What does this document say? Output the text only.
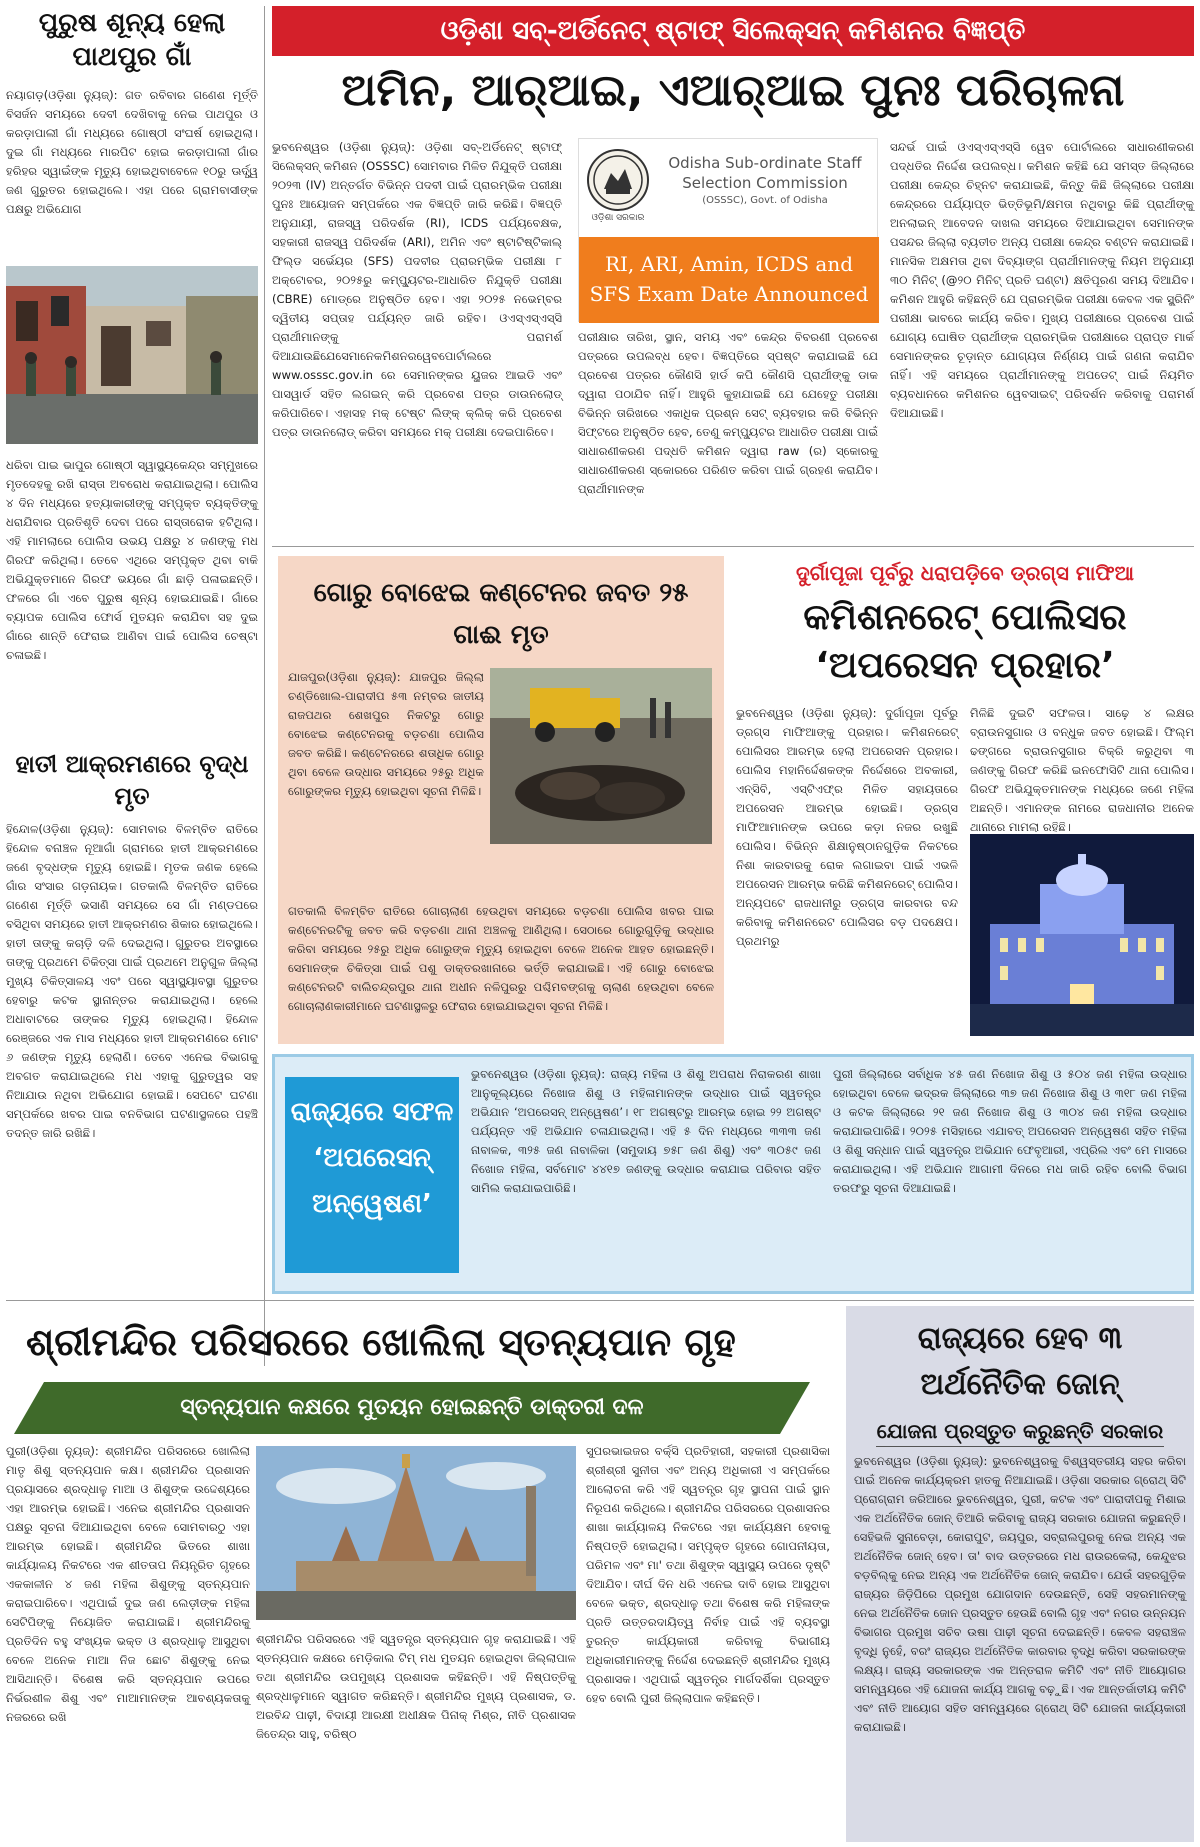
ପୁରୁଷ ଶୂନ୍ୟ ହେଲା ପାଥପୁର ଗାଁ

ନୟାଗଡ଼(ଓଡ଼ିଶା ନ୍ୟୁଜ୍): ଗତ ରବିବାର ଗଣେଶ ମୂର୍ତ୍ତି ବିସର୍ଜନ ସମୟରେ ଦେବୀ ଦେଖିବାକୁ ନେଇ ପାଥପୁର ଓ କରଡ଼ାପାଲୀ ଗାଁ ମଧ୍ୟରେ ଗୋଷ୍ଠୀ ସଂଘର୍ଷ ହୋଇଥିଲା। ଦୁଇ ଗାଁ ମଧ୍ୟରେ ମାରପିଟ ହୋଇ କରଡ଼ାପାଲୀ ଗାଁର ହରିହର ସ୍ୱାଇଁଙ୍କ ମୃତ୍ୟୁ ହୋଇଥିବାବେଳେ ୧୦ରୁ ଊର୍ଦ୍ଧ୍ୱ ଜଣ ଗୁରୁତର ହୋଇଥିଲେ। ଏହା ପରେ ଗ୍ରାମବାସୀଙ୍କ ପକ୍ଷରୁ ଅଭିଯୋଗ

ଧରିବା ପାଇ ଭାପୁର ଗୋଷ୍ଠୀ ସ୍ୱାସ୍ଥ୍ୟକେନ୍ଦ୍ର ସମ୍ମୁଖରେ ମୃତଦେହକୁ ରଖି ରାସ୍ତା ଅବରୋଧ କରାଯାଇଥିଲା। ପୋଲିସ ୪ ଦିନ ମଧ୍ୟରେ ହତ୍ୟାକାରୀଙ୍କୁ ସମ୍ପୃକ୍ତ ବ୍ୟକ୍ତିଙ୍କୁ ଧରାଯିବାର ପ୍ରତିଶୃତି ଦେବା ପରେ ରାସ୍ତାରୋକ ହଟିଥିଲା। ଏହି ମାମଲାରେ ପୋଲିସ ଉଭୟ ପକ୍ଷରୁ ୪ ଜଣଙ୍କୁ ମଧ ଗିରଫ କରିଥିଲା। ତେବେ ଏଥିରେ ସମ୍ପୃକ୍ତ ଥିବା ବାକି ଅଭିଯୁକ୍ତମାନେ ଗିରଫ ଭୟରେ ଗାଁ ଛାଡ଼ି ପଳାଇଛନ୍ତି। ଫଳରେ ଗାଁ ଏବେ ପୁରୁଷ ଶୂନ୍ୟ ହୋଇଯାଇଛି। ଗାଁରେ ବ୍ୟାପକ ପୋଲିସ ଫୋର୍ସ ମୁତୟନ କରାଯିବା ସହ ଦୁଇ ଗାଁରେ ଶାନ୍ତି ଫେରାଇ ଆଣିବା ପାଇଁ ପୋଲିସ ଚେଷ୍ଟା ଚଳାଇଛି।

ହାତୀ ଆକ୍ରମଣରେ ବୃଦ୍ଧ ମୃତ

ହିନ୍ଦୋଳ(ଓଡ଼ିଶା ନ୍ୟୁଜ୍): ସୋମବାର ବିଳମ୍ବିତ ରାତିରେ ହିନ୍ଦୋଳ ବନାଞ୍ଚଳ ନୂଆଗାଁ ଗ୍ରାମରେ ହାତୀ ଆକ୍ରମଣରେ ଜଣେ ବୃଦ୍ଧଙ୍କ ମୃତ୍ୟୁ ହୋଇଛି। ମୃତକ ଜଣକ ହେଲେ ଗାଁର ସଂସାର ଗଡ଼ନାୟକ। ଗତକାଲି ବିଳମ୍ବିତ ରାତିରେ ଗଣେଶ ମୂର୍ତ୍ତି ଭସାଣି ସମୟରେ ସେ ଗାଁ ମଣ୍ଡପରେ ବସିଥିବା ସମୟରେ ହାତୀ ଆକ୍ରମଣର ଶିକାର ହୋଇଥିଲେ। ହାତୀ ତାଙ୍କୁ କଚାଡ଼ି ଦଳି ଦେଇଥିଲା। ଗୁରୁତର ଅବସ୍ଥାରେ ତାଙ୍କୁ ପ୍ରଥମେ ଚିକିତ୍ସା ପାଇଁ ପ୍ରଥମେ ଅନୁଗୁଳ ଜିଲ୍ଲା ମୁଖ୍ୟ ଚିକିତ୍ସାଳୟ ଏବଂ ପରେ ସ୍ୱାସ୍ଥ୍ୟାବସ୍ଥା ଗୁରୁତର ହେବାରୁ କଟକ ସ୍ଥାନାନ୍ତର କରାଯାଇଥିଲା। ହେଲେ ଅଧାବାଟରେ ତାଙ୍କର ମୃତ୍ୟୁ ହୋଇଥିଲା। ହିନ୍ଦୋଳ ରେଞ୍ଜରେ ଏକ ମାସ ମଧ୍ୟରେ ହାତୀ ଆକ୍ରମଣରେ ମୋଟ ୬ ଜଣଙ୍କ ମୃତ୍ୟୁ ହେଲାଣି। ତେବେ ଏନେଇ ବିଭାଗକୁ ଅବଗତ କରାଯାଇଥିଲେ ମଧ ଏହାକୁ ଗୁରୁତ୍ୱର ସହ ନିଆଯାଉ ନଥିବା ଅଭିଯୋଗ ହୋଇଛି। ସେପଟେ ଘଟଣା ସମ୍ପର୍କରେ ଖବର ପାଇ ବନବିଭାଗ ଘଟଣାସ୍ଥଳରେ ପହଞ୍ଚି ତଦନ୍ତ ଜାରି ରଖିଛି।

ଓଡ଼ିଶା ସବ୍-ଅର୍ଡିନେଟ୍ ଷ୍ଟାଫ୍ ସିଲେକ୍ସନ୍ କମିଶନର ବିଜ୍ଞପ୍ତି
ଅମିନ, ଆର୍‌ଆଇ, ଏଆର୍‌ଆଇ ପୁନଃ ପରିଚାଳନା

ଭୁବନେଶ୍ୱର (ଓଡ଼ିଶା ନ୍ୟୁଜ୍): ଓଡ଼ିଶା ସବ୍-ଅର୍ଡିନେଟ୍ ଷ୍ଟାଫ୍ ସିଲେକ୍ସନ୍ କମିଶନ (OSSSC) ସୋମବାର ମିଳିତ ନିଯୁକ୍ତି ପରୀକ୍ଷା ୨୦୨୩ (IV) ଅନ୍ତର୍ଗତ ବିଭିନ୍ନ ପଦବୀ ପାଇଁ ପ୍ରାରମ୍ଭିକ ପରୀକ୍ଷା ପୁନଃ ଆୟୋଜନ ସମ୍ପର୍କରେ ଏକ ବିଜ୍ଞପ୍ତି ଜାରି କରିଛି। ବିଜ୍ଞପ୍ତି ଅନୁଯାୟୀ, ରାଜସ୍ୱ ପରିଦର୍ଶକ (RI), ICDS ପର୍ଯ୍ୟବେକ୍ଷକ, ସହକାରୀ ରାଜସ୍ୱ ପରିଦର୍ଶକ (ARI), ଅମିନ ଏବଂ ଷ୍ଟାଟିଷ୍ଟିକାଲ୍ ଫିଲ୍ଡ ସର୍ଭେୟର (SFS) ପଦବୀର ପ୍ରାରମ୍ଭିକ ପରୀକ୍ଷା ୮ ଅକ୍ଟୋବର, ୨୦୨୫ରୁ କମ୍ପ୍ୟୁଟର-ଆଧାରିତ ନିଯୁକ୍ତି ପରୀକ୍ଷା (CBRE) ମୋଡ୍‌ରେ ଅନୁଷ୍ଠିତ ହେବ। ଏହା ୨୦୨୫ ନଭେମ୍ବର ଦ୍ୱିତୀୟ ସପ୍ତାହ ପର୍ଯ୍ୟନ୍ତ ଜାରି ରହିବ। ଓଏସ୍‌ଏସ୍‌ଏସ୍‌ସି ପ୍ରାର୍ଥୀମାନଙ୍କୁ ପରାମର୍ଶ ଦିଆଯାଉଛିଯେସେମାନେକମିଶନରୱେବପୋର୍ଟାଲରେ www.osssc.gov.in ରେ ସେମାନଙ୍କର ୟୁଜର ଆଇଡି ଏବଂ ପାସୱାର୍ଡ ସହିତ ଲଗଇନ୍ କରି ପ୍ରବେଶ ପତ୍ର ଡାଉନଲୋଡ୍ କରିପାରିବେ। ଏହାସହ ମକ୍ ଟେଷ୍ଟ ଲିଙ୍କ୍ କ୍ଲିକ୍ କରି ପ୍ରବେଶ ପତ୍ର ଡାଉନଲୋଡ୍ କରିବା ସମୟରେ ମକ୍ ପରୀକ୍ଷା ଦେଇପାରିବେ।

ଓଡ଼ିଶା ସରକାର
Odisha Sub-ordinate Staff
Selection Commission
(OSSSC), Govt. of Odisha
RI, ARI, Amin, ICDS and
SFS Exam Date Announced

ପରୀକ୍ଷାର ତାରିଖ, ସ୍ଥାନ, ସମୟ ଏବଂ କେନ୍ଦ୍ର ବିବରଣୀ ପ୍ରବେଶ ପତ୍ରରେ ଉପଲବ୍ଧ ହେବ। ବିଜ୍ଞପ୍ତିରେ ସ୍ପଷ୍ଟ କରାଯାଇଛି ଯେ ପ୍ରବେଶ ପତ୍ରର କୌଣସି ହାର୍ଡ କପି କୌଣସି ପ୍ରାର୍ଥୀଙ୍କୁ ଡାକ ଦ୍ୱାରା ପଠାଯିବ ନାହିଁ। ଆହୁରି କୁହାଯାଇଛି ଯେ ଯେହେତୁ ପରୀକ୍ଷା ବିଭିନ୍ନ ତାରିଖରେ ଏକାଧିକ ପ୍ରଶ୍ନ ସେଟ୍ ବ୍ୟବହାର କରି ବିଭିନ୍ନ ସିଫ୍ଟରେ ଅନୁଷ୍ଠିତ ହେବ, ତେଣୁ କମ୍ପ୍ୟୁଟର ଆଧାରିତ ପରୀକ୍ଷା ପାଇଁ ସାଧାରଣୀକରଣ ପଦ୍ଧତି କମିଶନ ଦ୍ୱାରା raw (ର) ସ୍କୋରକୁ ସାଧାରଣୀକରଣ ସ୍କୋରରେ ପରିଣତ କରିବା ପାଇଁ ଗ୍ରହଣ କରାଯିବ। ପ୍ରାର୍ଥୀମାନଙ୍କ

ସନ୍ଦର୍ଭ ପାଇଁ ଓଏସ୍‌ଏସ୍‌ଏସ୍‌ସି ୱେବ ପୋର୍ଟାଲରେ ସାଧାରଣୀକରଣ ପଦ୍ଧତିର ନିର୍ଦ୍ଦେଶ ଉପଲବ୍ଧ। କମିଶନ କହିଛି ଯେ ସମସ୍ତ ଜିଲ୍ଲାରେ ପରୀକ୍ଷା କେନ୍ଦ୍ର ଚିହ୍ନଟ କରାଯାଇଛି, କିନ୍ତୁ କିଛି ଜିଲ୍ଲାରେ ପରୀକ୍ଷା କେନ୍ଦ୍ରରେ ପର୍ଯ୍ୟାପ୍ତ ଭିତ୍ତିଭୂମି/କ୍ଷମତା ନଥିବାରୁ କିଛି ପ୍ରାର୍ଥୀଙ୍କୁ ଅନଲାଇନ୍ ଆବେଦନ ଦାଖଲ ସମୟରେ ଦିଆଯାଇଥିବା ସେମାନଙ୍କ ପସନ୍ଦର ଜିଲ୍ଲା ବ୍ୟତୀତ ଅନ୍ୟ ପରୀକ୍ଷା କେନ୍ଦ୍ର ବଣ୍ଟନ କରାଯାଇଛି। ମାନସିକ ଅକ୍ଷମତା ଥିବା ଦିବ୍ୟାଙ୍ଗ ପ୍ରାର୍ଥୀମାନଙ୍କୁ ନିୟମ ଅନୁଯାୟୀ ୩୦ ମିନିଟ୍ (@୨୦ ମିନିଟ୍ ପ୍ରତି ଘଣ୍ଟା) କ୍ଷତିପୂରଣ ସମୟ ଦିଆଯିବ। କମିଶନ ଆହୁରି କହିଛନ୍ତି ଯେ ପ୍ରାରମ୍ଭିକ ପରୀକ୍ଷା କେବଳ ଏକ ସ୍କ୍ରିନିଂ ପରୀକ୍ଷା ଭାବରେ କାର୍ଯ୍ୟ କରିବ। ମୁଖ୍ୟ ପରୀକ୍ଷାରେ ପ୍ରବେଶ ପାଇଁ ଯୋଗ୍ୟ ଘୋଷିତ ପ୍ରାର୍ଥୀଙ୍କ ପ୍ରାରମ୍ଭିକ ପରୀକ୍ଷାରେ ପ୍ରାପ୍ତ ମାର୍କ ସେମାନଙ୍କର ଚୂଡ଼ାନ୍ତ ଯୋଗ୍ୟତା ନିର୍ଣ୍ଣୟ ପାଇଁ ଗଣନା କରାଯିବ ନାହିଁ। ଏହି ସମୟରେ ପ୍ରାର୍ଥୀମାନଙ୍କୁ ଅପଡେଟ୍ ପାଇଁ ନିୟମିତ ବ୍ୟବଧାନରେ କମିଶନର ୱେବସାଇଟ୍ ପରିଦର୍ଶନ କରିବାକୁ ପରାମର୍ଶ ଦିଆଯାଇଛି।

ଗୋରୁ ବୋଝେଇ କଣ୍ଟେନର ଜବତ ୨୫ ଗାଈ ମୃତ

ଯାଜପୁର(ଓଡ଼ିଶା ନ୍ୟୁଜ୍): ଯାଜପୁର ଜିଲ୍ଲା ଚଣ୍ଡିଖୋଲ-ପାରାଦୀପ ୫୩ ନମ୍ବର ଜାତୀୟ ରାଜପଥର ଶେଖପୁର ନିକଟରୁ ଗୋରୁ ବୋଝେଇ କଣ୍ଟେନରକୁ ବଡ଼ଚଣା ପୋଲିସ ଜବତ କରିଛି। କଣ୍ଟେନରରେ ଶତାଧିକ ଗୋରୁ ଥିବା ବେଳେ ଉଦ୍ଧାର ସମୟରେ ୨୫ରୁ ଅଧିକ ଗୋରୁଙ୍କର ମୃତ୍ୟୁ ହୋଇଥିବା ସୂଚନା ମିଳିଛି।

ଗତକାଲି ବିଳମ୍ବିତ ରାତିରେ ଗୋଚାଲାଣ ହେଉଥିବା ସମୟରେ ବଡ଼ଚଣା ପୋଲିସ ଖବର ପାଇ କଣ୍ଟେନରଟିକୁ ଜବତ କରି ବଡ଼ଚଣା ଥାନା ଅଞ୍ଚଳକୁ ଆଣିଥିଲା। ସେଠାରେ ଗୋରୁଗୁଡ଼ିକୁ ଉଦ୍ଧାର କରିବା ସମୟରେ ୨୫ରୁ ଅଧିକ ଗୋରୁଙ୍କ ମୃତ୍ୟୁ ହୋଇଥିବା ବେଳେ ଅନେକ ଆହତ ହୋଇଛନ୍ତି। ସେମାନଙ୍କ ଚିକିତ୍ସା ପାଇଁ ପଶୁ ଡାକ୍ତରଖାନାରେ ଭର୍ତ୍ତି କରାଯାଇଛି। ଏହି ଗୋରୁ ବୋଝେଇ କଣ୍ଟେନରଟି ବାଲିଚନ୍ଦ୍ରପୁର ଥାନା ଅଧୀନ ନଳିପୁରରୁ ପଶ୍ଚିମବଙ୍ଗକୁ ଚାଲାଣ ହେଉଥିବା ବେଳେ ଗୋଚାଲାଣକାରୀମାନେ ଘଟଣାସ୍ଥଳରୁ ଫେରାର ହୋଇଯାଇଥିବା ସୂଚନା ମିଳିଛି।

ଦୁର୍ଗାପୂଜା ପୂର୍ବରୁ ଧରାପଡ଼ିବେ ଡ୍ରଗ୍ସ ମାଫିଆ
କମିଶନରେଟ୍ ପୋଲିସର ‘ଅପରେସନ ପ୍ରହାର’

ଭୁବନେଶ୍ୱର (ଓଡ଼ିଶା ନ୍ୟୁଜ୍): ଦୁର୍ଗାପୂଜା ପୂର୍ବରୁ ଡ୍ରଗ୍ସ ମାଫିଆଙ୍କୁ ପ୍ରହାର। କମିଶନରେଟ୍ ପୋଲିସର ଆରମ୍ଭ ହେଲା ଅପରେସନ ପ୍ରହାର। ପୋଲିସ ମହାନିର୍ଦ୍ଦେଶକଙ୍କ ନିର୍ଦ୍ଦେଶରେ ଅବକାରୀ, ଏନ୍‌ସିବି, ଏସ୍‌ଟିଏଫ୍‌ର ମିଳିତ ସହାୟତାରେ ଅପରେସନ ଆରମ୍ଭ ହୋଇଛି। ଡ୍ରଗ୍ସ ମାଫିଆମାନଙ୍କ ଉପରେ କଡ଼ା ନଜର ରଖୁଛି ପୋଲିସ। ବିଭିନ୍ନ ଶିକ୍ଷାନୁଷ୍ଠାନଗୁଡ଼ିକ ନିକଟରେ ନିଶା କାରବାରକୁ ରୋକ ଲଗାଇବା ପାଇଁ ଏଭଳି ଅପରେସନ ଆରମ୍ଭ କରିଛି କମିଶନରେଟ୍ ପୋଲିସ। ଅନ୍ୟପଟେ ରାଜଧାନୀରୁ ଡ୍ରଗ୍ସ କାରବାର ବନ୍ଦ କରିବାକୁ କମିଶନରେଟ ପୋଲିସର ବଡ଼ ପଦକ୍ଷେପ। ପ୍ରଥମରୁ

ମିଳିଛି ଦୁଇଟି ସଫଳତା। ସାଢ଼େ ୪ ଲକ୍ଷର ବ୍ରାଉନସୁଗାର ଓ ବନ୍ଧୁକ ଜବତ ହୋଇଛି। ଫିଲ୍ମ ଢଙ୍ଗରେ ବ୍ରାଉନସୁଗାର ବିକ୍ରି କରୁଥିବା ୩ ଜଣଙ୍କୁ ଗିରଫ କରିଛି ଇନଫୋସିଟି ଥାନା ପୋଲିସ। ଗିରଫ ଅଭିଯୁକ୍ତମାନଙ୍କ ମଧ୍ୟରେ ଜଣେ ମହିଳା ଅଛନ୍ତି। ଏମାନଙ୍କ ନାମରେ ରାଜଧାନୀର ଅନେକ ଥାନାରେ ମାମଲା ରହିଛି।

ରାଜ୍ୟରେ ସଫଳ ‘ଅପରେସନ୍ ଅନ୍ୱେଷଣ’

ଭୁବନେଶ୍ୱର (ଓଡ଼ିଶା ନ୍ୟୁଜ୍): ରାଜ୍ୟ ମହିଳା ଓ ଶିଶୁ ଅପରାଧ ନିରାକରଣ ଶାଖା ଆନୁକୂଲ୍ୟରେ ନିଖୋଜ ଶିଶୁ ଓ ମହିଳାମାନଙ୍କ ଉଦ୍ଧାର ପାଇଁ ସ୍ୱତନ୍ତ୍ର ଅଭିଯାନ ‘ଅପରେସନ୍ ଅନ୍ୱେଷଣ’। ୧୮ ଅଗଷ୍ଟରୁ ଆରମ୍ଭ ହୋଇ ୨୨ ଅଗଷ୍ଟ ପର୍ଯ୍ୟନ୍ତ ଏହି ଅଭିଯାନ ଚଳାଯାଇଥିଲା। ଏହି ୫ ଦିନ ମଧ୍ୟରେ ୩୩୩ ଜଣ ନାବାଳକ, ୩୨୫ ଜଣ ନାବାଳିକା (ସମୁଦାୟ ୭୫୮ ଜଣ ଶିଶୁ) ଏବଂ ୩୦୫୯ ଜଣ ନିଖୋଜ ମହିଳା, ସର୍ବମୋଟ ୪୪୧୭ ଜଣଙ୍କୁ ଉଦ୍ଧାର କରାଯାଇ ପରିବାର ସହିତ ସାମିଲ କରାଯାଇପାରିଛି।

ପୁରୀ ଜିଲ୍ଲାରେ ସର୍ବାଧିକ ୪୫ ଜଣ ନିଖୋଜ ଶିଶୁ ଓ ୫୦୪ ଜଣ ମହିଳା ଉଦ୍ଧାର ହୋଇଥିବା ବେଳେ ଭଦ୍ରକ ଜିଲ୍ଲାରେ ୩୭ ଜଣ ନିଖୋଜ ଶିଶୁ ଓ ୩୧୮ ଜଣ ମହିଳା ଓ କଟକ ଜିଲ୍ଲାରେ ୨୧ ଜଣ ନିଖୋଜ ଶିଶୁ ଓ ୩୦୪ ଜଣ ମହିଳା ଉଦ୍ଧାର କରାଯାଇପାରିଛି। ୨୦୨୫ ମସିହାରେ ଏଯାବତ୍ ଅପରେସନ ଅନ୍ୱେଷଣ ସହିତ ମହିଳା ଓ ଶିଶୁ ସନ୍ଧାନ ପାଇଁ ସ୍ୱତନ୍ତ୍ର ଅଭିଯାନ ଫେବୃଆରୀ, ଏପ୍ରିଲ ଏବଂ ମେ ମାସରେ କରାଯାଇଥିଲା। ଏହି ଅଭିଯାନ ଆଗାମୀ ଦିନରେ ମଧ ଜାରି ରହିବ ବୋଲି ବିଭାଗ ତରଫରୁ ସୂଚନା ଦିଆଯାଇଛି।

ଶ୍ରୀମନ୍ଦିର ପରିସରରେ ଖୋଲିଲା ସ୍ତନ୍ୟପାନ ଗୃହ
ସ୍ତନ୍ୟପାନ କକ୍ଷରେ ମୁତୟନ ହୋଇଛନ୍ତି ଡାକ୍ତରୀ ଦଳ

ପୁରୀ(ଓଡ଼ିଶା ନ୍ୟୁଜ୍): ଶ୍ରୀମନ୍ଦିର ପରିସରରେ ଖୋଲିଲା ମାତୃ ଶିଶୁ ସ୍ତନ୍ୟପାନ କକ୍ଷ। ଶ୍ରୀମନ୍ଦିର ପ୍ରଶାସନ ପ୍ରୟାସରେ ଶ୍ରଦ୍ଧାଳୁ ମାଆ ଓ ଶିଶୁଙ୍କ ଉଦ୍ଦେଶ୍ୟରେ ଏହା ଆରମ୍ଭ ହୋଇଛି। ଏନେଇ ଶ୍ରୀମନ୍ଦିର ପ୍ରଶାସନ ପକ୍ଷରୁ ସୂଚନା ଦିଆଯାଇଥିବା ବେଳେ ସୋମବାରଠୁ ଏହା ଆରମ୍ଭ ହୋଇଛି। ଶ୍ରୀମନ୍ଦିର ଭିତରେ ଶାଖା କାର୍ଯ୍ୟାଳୟ ନିକଟରେ ଏକ ଶୀତତାପ ନିୟନ୍ତ୍ରିତ ଗୃହରେ ଏକକାଳୀନ ୪ ଜଣ ମହିଳା ଶିଶୁଙ୍କୁ ସ୍ତନ୍ୟପାନ କରାଇପାରିବେ। ଏଥିପାଇଁ ଦୁଇ ଜଣ ଲେଡ଼ୀଙ୍କ ମହିଳା ସେଟିପିଙ୍କୁ ନିୟୋଜିତ କରାଯାଇଛି। ଶ୍ରୀମନ୍ଦିରକୁ ପ୍ରତିଦିନ ବହୁ ସଂଖ୍ୟକ ଭକ୍ତ ଓ ଶ୍ରଦ୍ଧାଳୁ ଆସୁଥିବା ବେଳେ ଅନେକ ମାଆ ନିଜ ଛୋଟ ଶିଶୁଙ୍କୁ ନେଇ ଆସିଥାନ୍ତି। ବିଶେଷ କରି ସ୍ତନ୍ୟପାନ ଉପରେ ନିର୍ଭରଶୀଳ ଶିଶୁ ଏବଂ ମାଆମାନଙ୍କ ଆବଶ୍ୟକତାକୁ ନଜରରେ ରଖି

ଶ୍ରୀମନ୍ଦିର ପରିସରରେ ଏହି ସ୍ୱତନ୍ତ୍ର ସ୍ତନ୍ୟପାନ ଗୃହ କରାଯାଇଛି। ଏହି ସ୍ତନ୍ୟପାନ କକ୍ଷରେ ମେଡ଼ିକାଲ ଟିମ୍ ମଧ ମୁତୟନ ହୋଇଥିବା ଜିଲ୍ଲାପାଳ ତଥା ଶ୍ରୀମନ୍ଦିର ଉପମୁଖ୍ୟ ପ୍ରଶାସକ କହିଛନ୍ତି। ଏହି ନିଷ୍ପତ୍ତିକୁ ଶ୍ରଦ୍ଧାଳୁମାନେ ସ୍ୱାଗତ କରିଛନ୍ତି। ଶ୍ରୀମନ୍ଦିର ମୁଖ୍ୟ ପ୍ରଶାସକ, ଡ. ଅରବିନ୍ଦ ପାଢ଼ୀ, ବିଦାୟୀ ଆରକ୍ଷୀ ଅଧୀକ୍ଷକ ପିନାକ୍ ମିଶ୍ର, ନୀତି ପ୍ରଶାସକ ଜିତେନ୍ଦ୍ର ସାହୁ, ବରିଷ୍ଠ

ସୁପରଭାଇଜର ବର୍କ୍ସି ପ୍ରତିହାରୀ, ସହକାରୀ ପ୍ରଶାସିକା ଶ୍ରୀ‌ଶ୍ରୀ ସୁନୀତା ଏବଂ ଅନ୍ୟ ଅଧିକାରୀ ଏ ସମ୍ପର୍କରେ ଆଲୋଚନା କରି ଏହି ସ୍ୱତନ୍ତ୍ର ଗୃହ ସ୍ଥାପନା ପାଇଁ ସ୍ଥାନ ନିରୂପଣ କରିଥିଲେ। ଶ୍ରୀମନ୍ଦିର ପରିସରରେ ପ୍ରଶାସନର ଶାଖା କାର୍ଯ୍ୟାଳୟ ନିକଟରେ ଏହା କାର୍ଯ୍ୟକ୍ଷମ ହେବାକୁ ନିଷ୍ପତ୍ତି ହୋଇଥିଲା। ସମ୍ପୃକ୍ତ ଗୃହରେ ଗୋପନୀୟତା, ପରିମଳ ଏବଂ ମା' ତଥା ଶିଶୁଙ୍କ ସ୍ୱାସ୍ଥ୍ୟ ଉପରେ ଦୃଷ୍ଟି ଦିଆଯିବ। ଦୀର୍ଘ ଦିନ ଧରି ଏନେଇ ଦାବି ହୋଇ ଆସୁଥିବା ବେଳେ ଭକ୍ତ, ଶ୍ରଦ୍ଧାଳୁ ତଥା ବିଶେଷ କରି ମହିଳାଙ୍କ ପ୍ରତି ଉତ୍ତରଦାୟିତ୍ୱ ନିର୍ବାହ ପାଇଁ ଏହି ବ୍ୟବସ୍ଥା ତୁରନ୍ତ କାର୍ଯ୍ୟକାରୀ କରିବାକୁ ବିଭାଗୀୟ ଅଧିକାରୀମାନଙ୍କୁ ନିର୍ଦ୍ଦେଶ ଦେଇଛନ୍ତି ଶ୍ରୀମନ୍ଦିର ମୁଖ୍ୟ ପ୍ରଶାସକ। ଏଥିପାଇଁ ସ୍ୱତନ୍ତ୍ର ମାର୍ଗଦର୍ଶିକା ପ୍ରସ୍ତୁତ ହେବ ବୋଲି ପୁରୀ ଜିଲ୍ଲାପାଳ କହିଛନ୍ତି।

ରାଜ୍ୟରେ ହେବ ୩ ଅର୍ଥନୈତିକ ଜୋନ୍
ଯୋଜନା ପ୍ରସ୍ତୁତ କରୁଛନ୍ତି ସରକାର

ଭୁବନେଶ୍ୱର (ଓଡ଼ିଶା ନ୍ୟୁଜ୍): ଭୁବନେଶ୍ୱରକୁ ବିଶ୍ୱସ୍ତରୀୟ ସହର କରିବା ପାଇଁ ଅନେକ କାର୍ଯ୍ୟକ୍ରମ ହାତକୁ ନିଆଯାଇଛି। ଓଡ଼ିଶା ସରକାର ଗ୍ରୋଥ୍ ସିଟି ପ୍ରୋଗ୍ରାମ ଜରିଆରେ ଭୁବନେଶ୍ୱର, ପୁରୀ, କଟକ ଏବଂ ପାରାଦୀପକୁ ମିଶାଇ ଏକ ଅର୍ଥନୈତିକ ଜୋନ୍ ତିଆରି କରିବାକୁ ରାଜ୍ୟ ସରକାର ଯୋଜନା କରୁଛନ୍ତି। ସେହିଭଳି ସୁନାବେଡ଼ା, କୋରାପୁଟ, ଜୟପୁର, ସବ୍ରାଲପୁରକୁ ନେଇ ଅନ୍ୟ ଏକ ଅର୍ଥନୈତିକ ଜୋନ୍ ହେବ। ତା' ବାଦ ଉତ୍ତରରେ ମଧ ରାଉରକେଲା, କେନ୍ଦୁଝର ବଡ଼ବିଲ୍‌କୁ ନେଇ ଅନ୍ୟ ଏକ ଅର୍ଥନୈତିକ ଜୋନ୍ କରାଯିବ। ଯେଉଁ ସହରଗୁଡ଼ିକ ରାଜ୍ୟର ଜିଡ଼ିପିରେ ପ୍ରମୁଖ ଯୋଗଦାନ ଦେଉଛନ୍ତି, ସେହି ସହରମାନଙ୍କୁ ନେଇ ଅର୍ଥନୈତିକ ଜୋନ ପ୍ରସ୍ତୁତ ହେଉଛି ବୋଲି ଗୃହ ଏବଂ ନଗର ଉନ୍ନୟନ ବିଭାଗର ପ୍ରମୁଖ ସଚିବ ଉଷା ପାଢ଼ୀ ସୂଚନା ଦେଇଛନ୍ତି। କେବଳ ସହରାଞ୍ଚଳ ବୃଦ୍ଧି ନୁହେଁ, ବରଂ ରାଜ୍ୟର ଅର୍ଥନୈତିକ କାରବାର ବୃଦ୍ଧି କରିବା ସରକାରଙ୍କ ଲକ୍ଷ୍ୟ। ରାଜ୍ୟ ସରକାରଙ୍କ ଏକ ଅନ୍ତରାଳ କମିଟି ଏବଂ ନୀତି ଆୟୋଗର ସମନ୍ୱୟରେ ଏହି ଯୋଜନା କାର୍ଯ୍ୟ ଆଗକୁ ବଢ଼ୁଛି। ଏକ ଆନ୍ତର୍ଜାତୀୟ କମିଟି ଏବଂ ନୀତି ଆୟୋଗ ସହିତ ସମନ୍ୱୟରେ ଗ୍ରୋଥ୍ ସିଟି ଯୋଜନା କାର୍ଯ୍ୟକାରୀ କରାଯାଇଛି।
